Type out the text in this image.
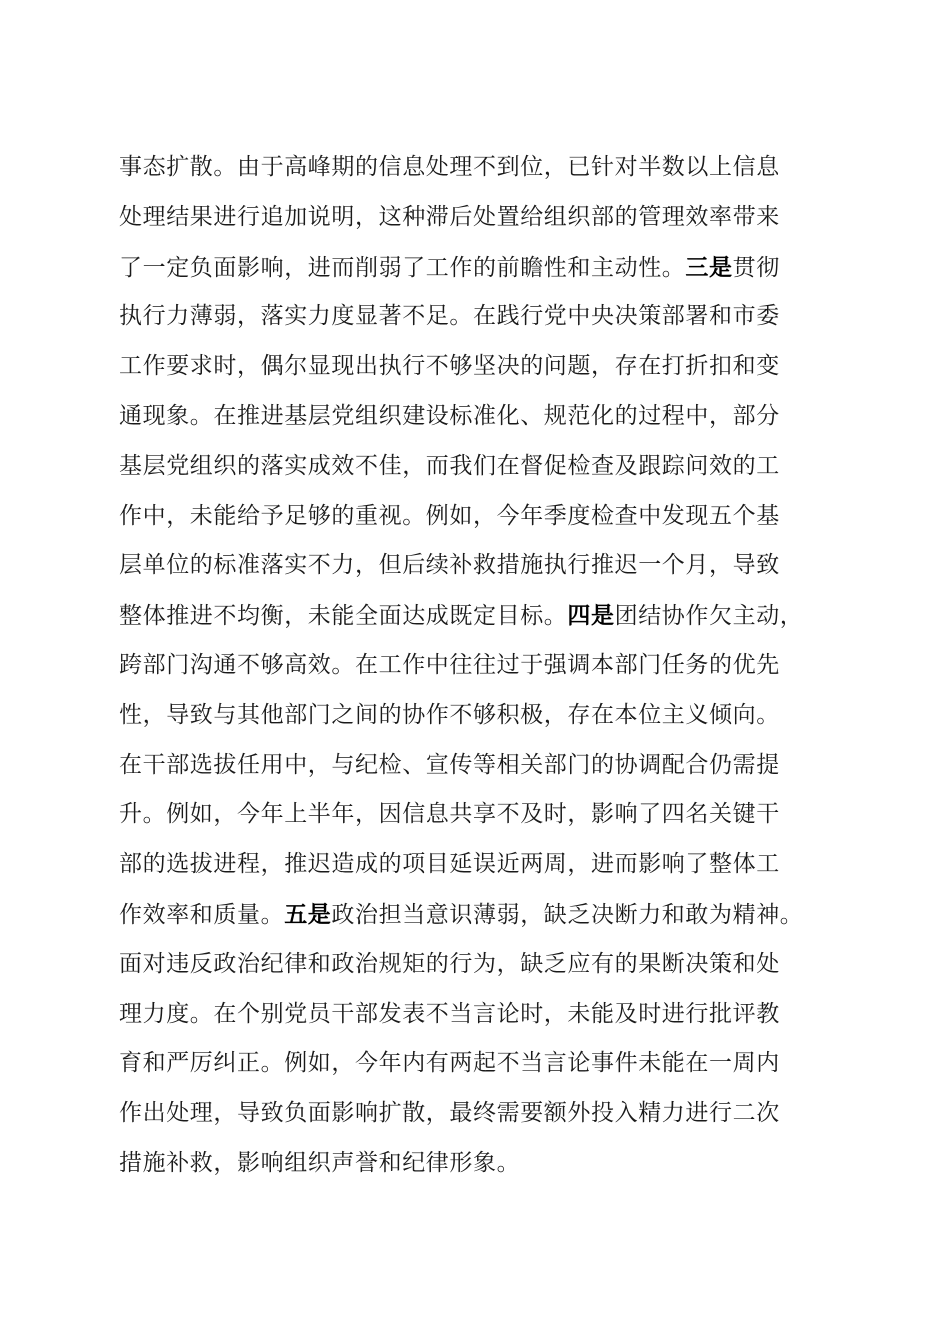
事态扩散。由于高峰期的信息处理不到位，已针对半数以上信息
处理结果进行追加说明，这种滞后处置给组织部的管理效率带来
了一定负面影响，进而削弱了工作的前瞻性和主动性。三是贯彻
执行力薄弱，落实力度显著不足。在践行党中央决策部署和市委
工作要求时，偶尔显现出执行不够坚决的问题，存在打折扣和变
通现象。在推进基层党组织建设标准化、规范化的过程中，部分
基层党组织的落实成效不佳，而我们在督促检查及跟踪问效的工
作中，未能给予足够的重视。例如，今年季度检查中发现五个基
层单位的标准落实不力，但后续补救措施执行推迟一个月，导致
整体推进不均衡，未能全面达成既定目标。四是团结协作欠主动，
跨部门沟通不够高效。在工作中往往过于强调本部门任务的优先
性，导致与其他部门之间的协作不够积极，存在本位主义倾向。
在干部选拔任用中，与纪检、宣传等相关部门的协调配合仍需提
升。例如，今年上半年，因信息共享不及时，影响了四名关键干
部的选拔进程，推迟造成的项目延误近两周，进而影响了整体工
作效率和质量。五是政治担当意识薄弱，缺乏决断力和敢为精神。
面对违反政治纪律和政治规矩的行为，缺乏应有的果断决策和处
理力度。在个别党员干部发表不当言论时，未能及时进行批评教
育和严厉纠正。例如，今年内有两起不当言论事件未能在一周内
作出处理，导致负面影响扩散，最终需要额外投入精力进行二次
措施补救，影响组织声誉和纪律形象。
